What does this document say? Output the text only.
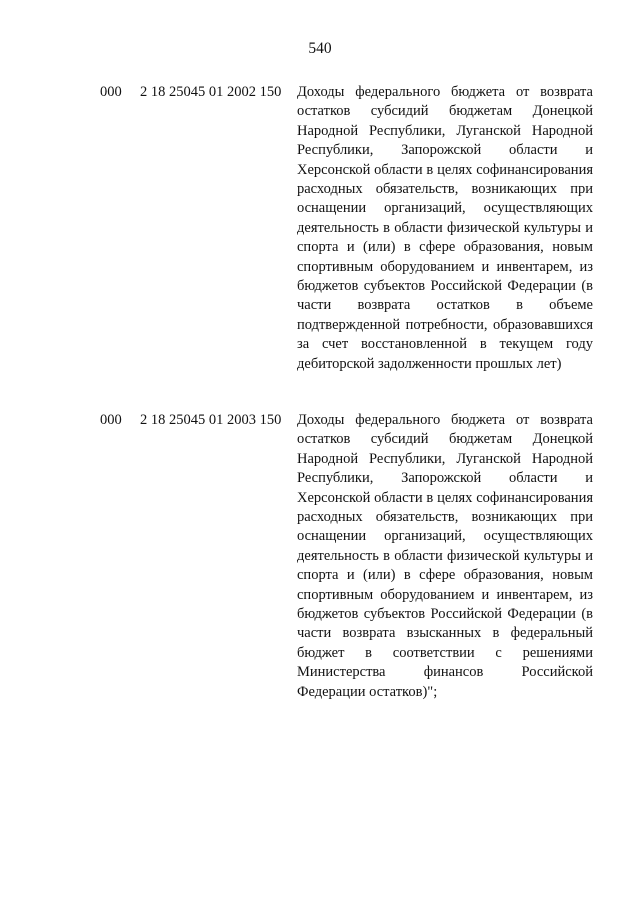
540
000 2 18 25045 01 2002 150 Доходы федерального бюджета от возврата остатков субсидий бюджетам Донецкой Народной Республики, Луганской Народной Республики, Запорожской области и Херсонской области в целях софинансирования расходных обязательств, возникающих при оснащении организаций, осуществляющих деятельность в области физической культуры и спорта и (или) в сфере образования, новым спортивным оборудованием и инвентарем, из бюджетов субъектов Российской Федерации (в части возврата остатков в объеме подтвержденной потребности, образовавшихся за счет восстановленной в текущем году дебиторской задолженности прошлых лет)
000 2 18 25045 01 2003 150 Доходы федерального бюджета от возврата остатков субсидий бюджетам Донецкой Народной Республики, Луганской Народной Республики, Запорожской области и Херсонской области в целях софинансирования расходных обязательств, возникающих при оснащении организаций, осуществляющих деятельность в области физической культуры и спорта и (или) в сфере образования, новым спортивным оборудованием и инвентарем, из бюджетов субъектов Российской Федерации (в части возврата взысканных в федеральный бюджет в соответствии с решениями Министерства финансов Российской Федерации остатков)";
